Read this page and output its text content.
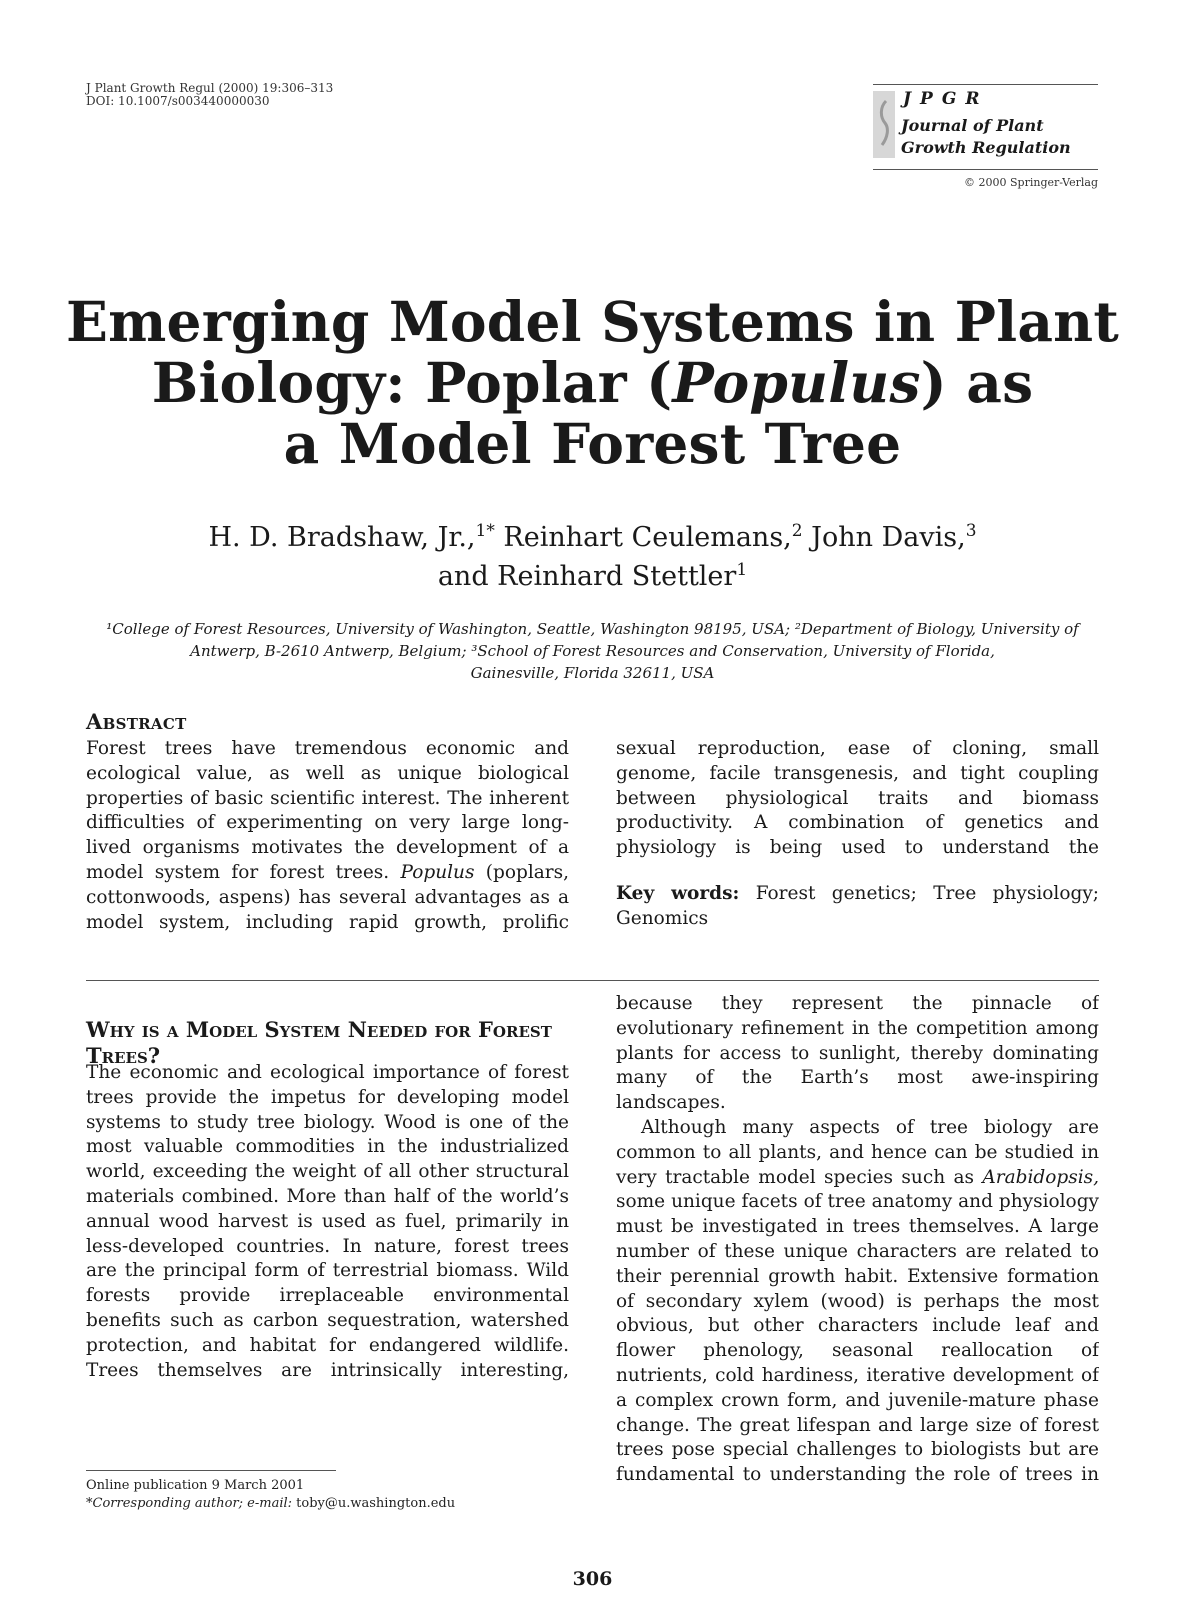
J Plant Growth Regul (2000) 19:306–313
DOI: 10.1007/s003440000030	JPGR
Journal of Plant Growth Regulation
© 2000 Springer-Verlag
Emerging Model Systems in Plant
Biology: Poplar (Populus) as
a Model Forest Tree
H. D. Bradshaw, Jr.,$^{1*}$ Reinhart Ceulemans,$^2$ John Davis,$^3$
and Reinhard Stettler$^1$
¹College of Forest Resources, University of Washington, Seattle, Washington 98195, USA; ²Department of Biology, University of
Antwerp, B-2610 Antwerp, Belgium; ³School of Forest Resources and Conservation, University of Florida,
Gainesville, Florida 32611, USA
Abstract

Forest trees have tremendous economic and ecological value, as well as unique biological properties of basic scientific interest. The inherent difficulties of experimenting on very large long-lived organisms motivates the development of a model system for forest trees. Populus (poplars, cottonwoods, aspens) has several advantages as a model system, including rapid growth, prolific

sexual reproduction, ease of cloning, small genome, facile transgenesis, and tight coupling between physiological traits and biomass productivity. A combination of genetics and physiology is being used to understand the

Key words: Forest genetics; Tree physiology; Genomics
Why is a Model System Needed for Forest Trees?

The economic and ecological importance of forest trees provide the impetus for developing model systems to study tree biology. Wood is one of the most valuable commodities in the industrialized world, exceeding the weight of all other structural materials combined. More than half of the world’s annual wood harvest is used as fuel, primarily in less-developed countries. In nature, forest trees are the principal form of terrestrial biomass. Wild forests provide irreplaceable environmental benefits such as carbon sequestration, watershed protection, and habitat for endangered wildlife. Trees themselves are intrinsically interesting,

because they represent the pinnacle of evolutionary refinement in the competition among plants for access to sunlight, thereby dominating many of the Earth’s most awe-inspiring landscapes.

Although many aspects of tree biology are common to all plants, and hence can be studied in very tractable model species such as Arabidopsis, some unique facets of tree anatomy and physiology must be investigated in trees themselves. A large number of these unique characters are related to their perennial growth habit. Extensive formation of secondary xylem (wood) is perhaps the most obvious, but other characters include leaf and flower phenology, seasonal reallocation of nutrients, cold hardiness, iterative development of a complex crown form, and juvenile-mature phase change. The great lifespan and large size of forest trees pose special challenges to biologists but are fundamental to understanding the role of trees in

Online publication 9 March 2001
*Corresponding author; e-mail: toby@u.washington.edu
306
